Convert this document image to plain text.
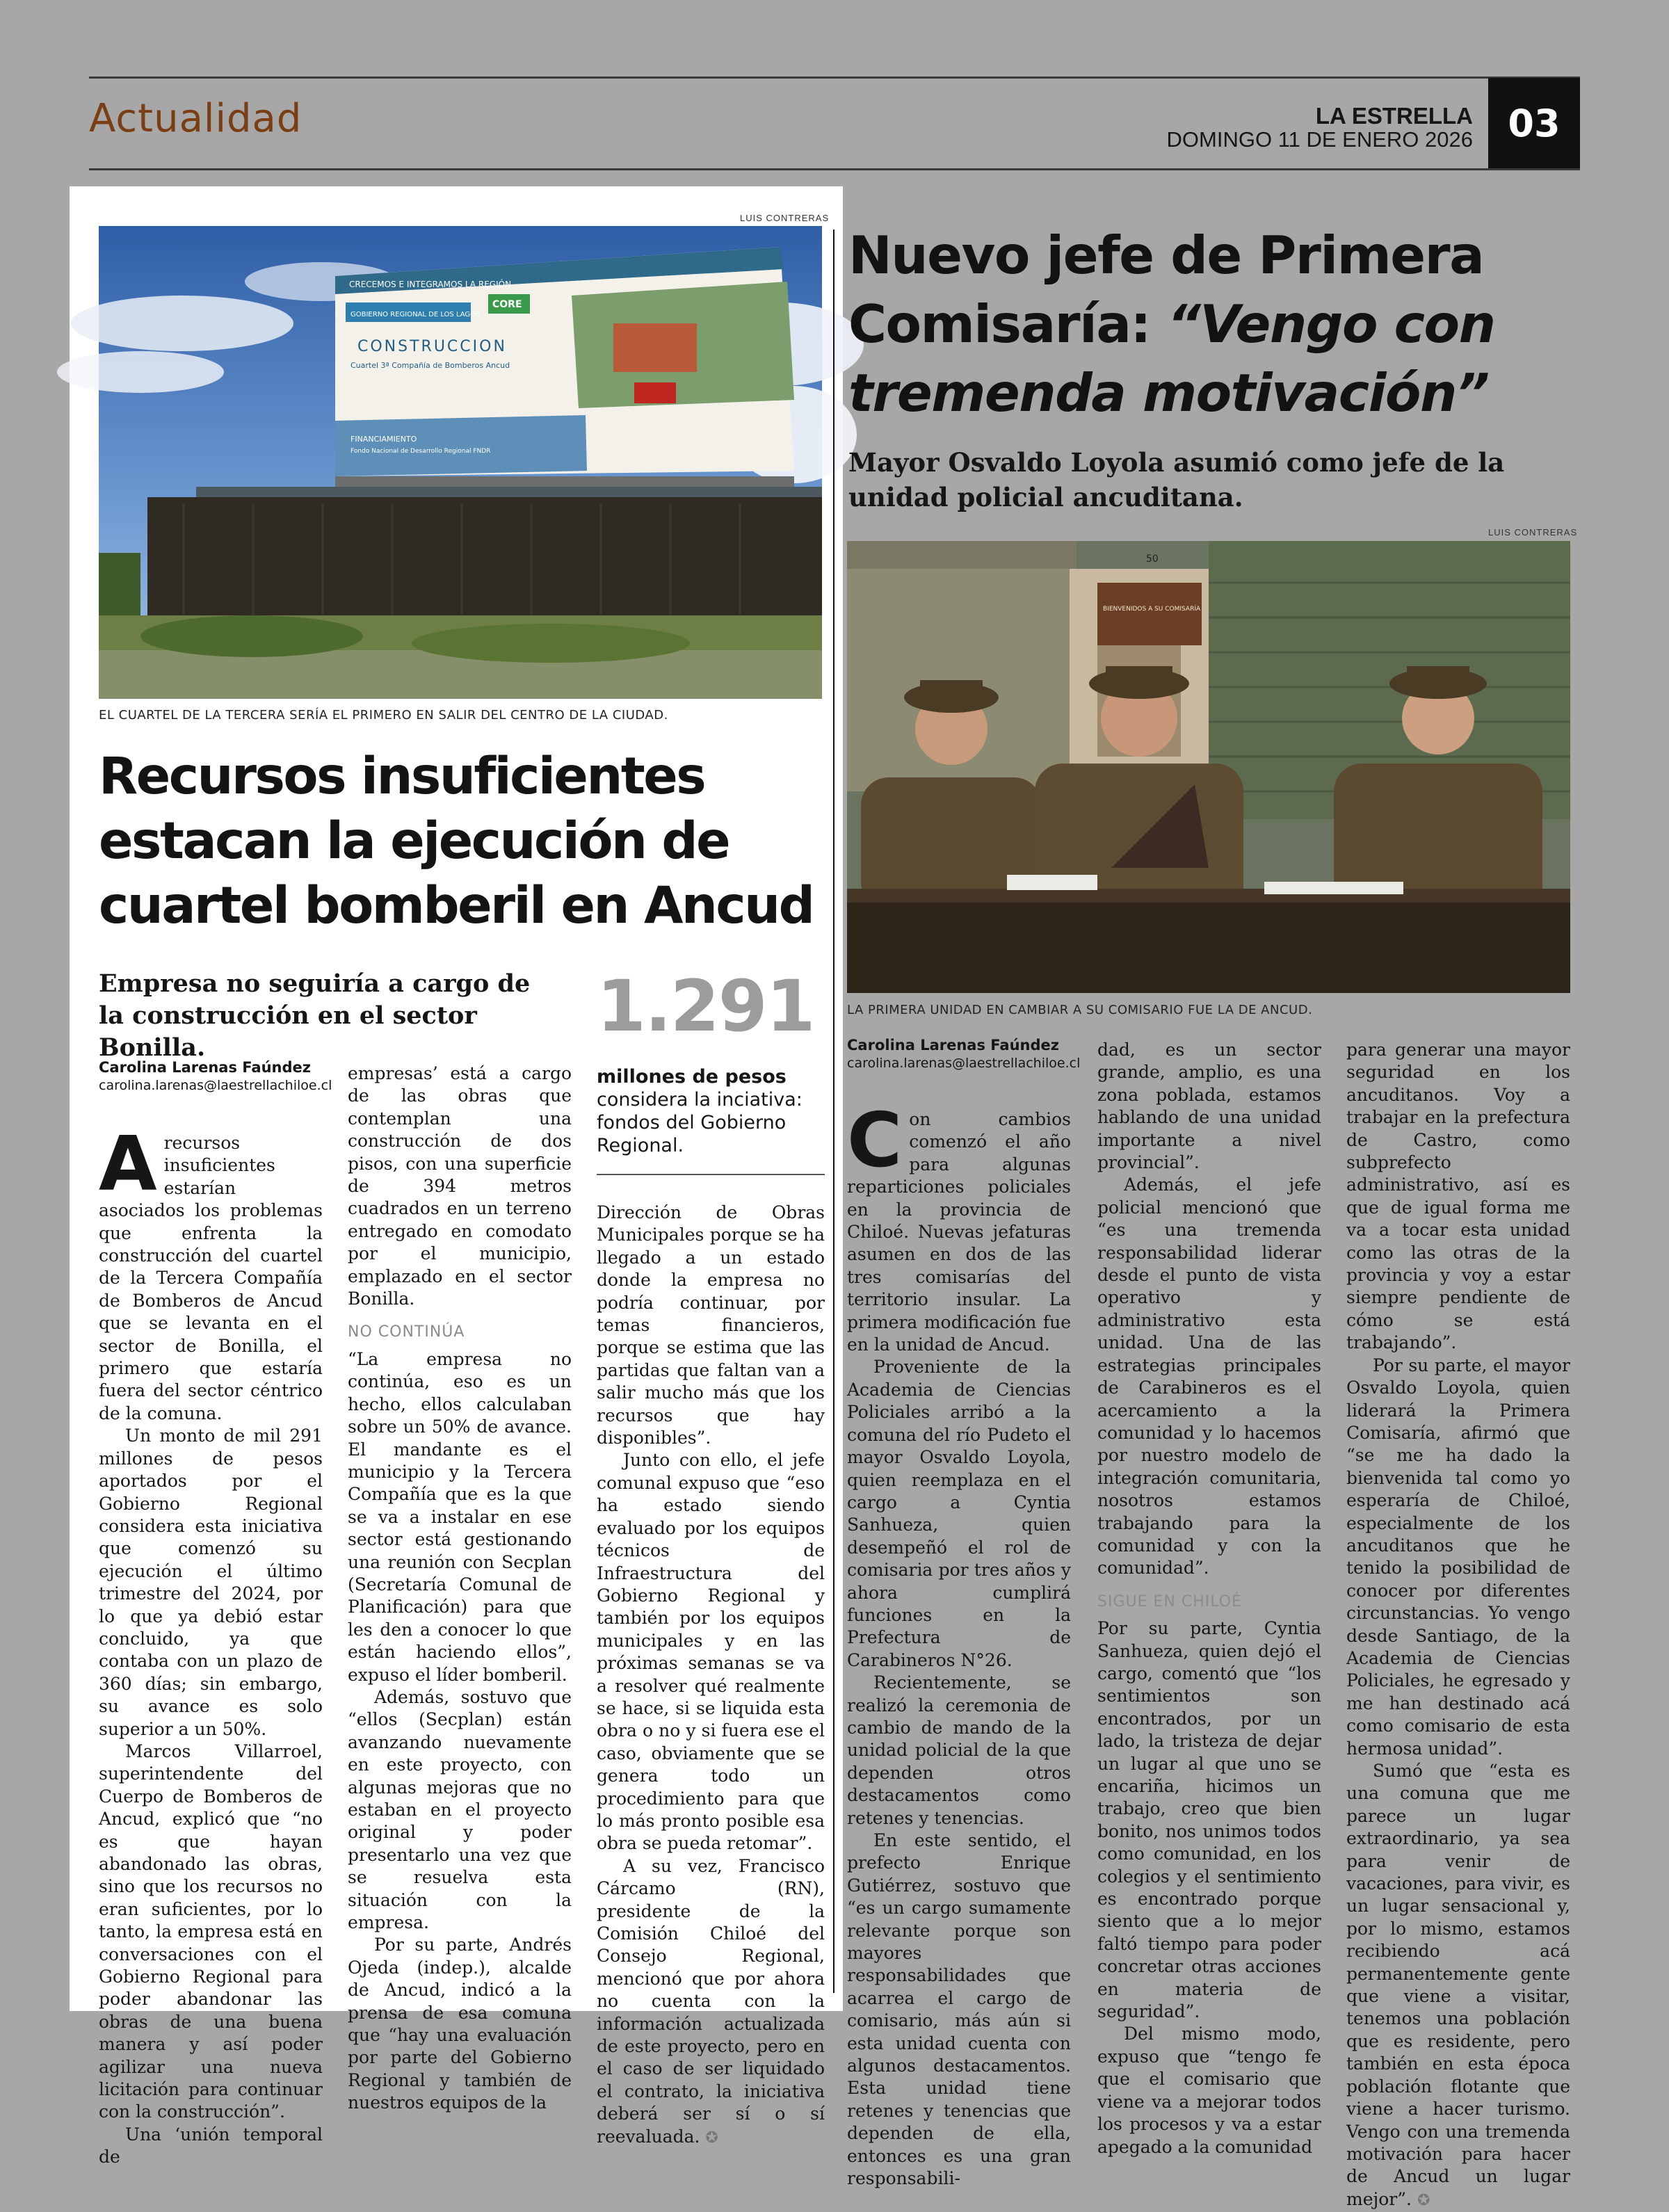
Actualidad	LA ESTRELLA
DOMINGO 11 DE ENERO 2026 03
LUIS CONTRERAS
CRECEMOS E INTEGRAMOS LA REGIÓN
GOBIERNO REGIONAL DE LOS LAGOS
CORE
CONSTRUCCION
Cuartel 3ª Compañía de Bomberos Ancud
FINANCIAMIENTO
Fondo Nacional de Desarrollo Regional FNDR
EL CUARTEL DE LA TERCERA SERÍA EL PRIMERO EN SALIR DEL CENTRO DE LA CIUDAD.
Recursos insuficientes estacan la ejecución de cuartel bomberil en Ancud
Empresa no seguiría a cargo de la construcción en el sector Bonilla.	1.291
Carolina Larenas Faúndez
carolina.larenas@laestrellachiloe.cl

Arecursos insuficientes estarían asociados los problemas que enfrenta la construcción del cuartel de la Tercera Compañía de Bomberos de Ancud que se levanta en el sector de Bonilla, el primero que estaría fuera del sector céntrico de la comuna.

Un monto de mil 291 millones de pesos aportados por el Gobierno Regional considera esta iniciativa que comenzó su ejecución el último trimestre del 2024, por lo que ya debió estar concluido, ya que contaba con un plazo de 360 días; sin embargo, su avance es solo superior a un 50%.

Marcos Villarroel, superintendente del Cuerpo de Bomberos de Ancud, explicó que “no es que hayan abandonado las obras, sino que los recursos no eran suficientes, por lo tanto, la empresa está en conversaciones con el Gobierno Regional para poder abandonar las obras de una buena manera y así poder agilizar una nueva licitación para continuar con la construcción”.

Una ‘unión temporal de

empresas’ está a cargo de las obras que contemplan una construcción de dos pisos, con una superficie de 394 metros cuadrados en un terreno entregado en comodato por el municipio, emplazado en el sector Bonilla.

NO CONTINÚA

“La empresa no continúa, eso es un hecho, ellos calculaban sobre un 50% de avance. El mandante es el municipio y la Tercera Compañía que es la que se va a instalar en ese sector está gestionando una reunión con Secplan (Secretaría Comunal de Planificación) para que les den a conocer lo que están haciendo ellos”, expuso el líder bomberil.

Además, sostuvo que “ellos (Secplan) están avanzando nuevamente en este proyecto, con algunas mejoras que no estaban en el proyecto original y poder presentarlo una vez que se resuelva esta situación con la empresa.

Por su parte, Andrés Ojeda (indep.), alcalde de Ancud, indicó a la prensa de esa comuna que “hay una evaluación por parte del Gobierno Regional y también de nuestros equipos de la

millones de pesos
considera la inciativa: fondos del Gobierno Regional.

Dirección de Obras Municipales porque se ha llegado a un estado donde la empresa no podría continuar, por temas financieros, porque se estima que las partidas que faltan van a salir mucho más que los recursos que hay disponibles”.

Junto con ello, el jefe comunal expuso que “eso ha estado siendo evaluado por los equipos técnicos de Infraestructura del Gobierno Regional y también por los equipos municipales y en las próximas semanas se va a resolver qué realmente se hace, si se liquida esta obra o no y si fuera ese el caso, obviamente que se genera todo un procedimiento para que lo más pronto posible esa obra se pueda retomar”.

A su vez, Francisco Cárcamo (RN), presidente de la Comisión Chiloé del Consejo Regional, mencionó que por ahora no cuenta con la información actualizada de este proyecto, pero en el caso de ser liquidado el contrato, la iniciativa deberá ser sí o sí reevaluada. ✪

Nuevo jefe de Primera Comisaría: “Vengo con tremenda motivación”
Mayor Osvaldo Loyola asumió como jefe de la unidad policial ancuditana.
LUIS CONTRERAS
50
BIENVENIDOS A SU COMISARÍA
LA PRIMERA UNIDAD EN CAMBIAR A SU COMISARIO FUE LA DE ANCUD.
Carolina Larenas Faúndez
carolina.larenas@laestrellachiloe.cl

Con cambios comenzó el año para algunas reparticiones policiales en la provincia de Chiloé. Nuevas jefaturas asumen en dos de las tres comisarías del territorio insular. La primera modificación fue en la unidad de Ancud.

Proveniente de la Academia de Ciencias Policiales arribó a la comuna del río Pudeto el mayor Osvaldo Loyola, quien reemplaza en el cargo a Cyntia Sanhueza, quien desempeñó el rol de comisaria por tres años y ahora cumplirá funciones en la Prefectura de Carabineros N°26.

Recientemente, se realizó la ceremonia de cambio de mando de la unidad policial de la que dependen otros destacamentos como retenes y tenencias.

En este sentido, el prefecto Enrique Gutiérrez, sostuvo que “es un cargo sumamente relevante porque son mayores responsabilidades que acarrea el cargo de comisario, más aún si esta unidad cuenta con algunos destacamentos. Esta unidad tiene retenes y tenencias que dependen de ella, entonces es una gran responsabili-

dad, es un sector grande, amplio, es una zona poblada, estamos hablando de una unidad importante a nivel provincial”.

Además, el jefe policial mencionó que “es una tremenda responsabilidad liderar desde el punto de vista operativo y administrativo esta unidad. Una de las estrategias principales de Carabineros es el acercamiento a la comunidad y lo hacemos por nuestro modelo de integración comunitaria, nosotros estamos trabajando para la comunidad y con la comunidad”.

SIGUE EN CHILOÉ

Por su parte, Cyntia Sanhueza, quien dejó el cargo, comentó que “los sentimientos son encontrados, por un lado, la tristeza de dejar un lugar al que uno se encariña, hicimos un trabajo, creo que bien bonito, nos unimos todos como comunidad, en los colegios y el sentimiento es encontrado porque siento que a lo mejor faltó tiempo para poder concretar otras acciones en materia de seguridad”.

Del mismo modo, expuso que “tengo fe que el comisario que viene va a mejorar todos los procesos y va a estar apegado a la comunidad

para generar una mayor seguridad en los ancuditanos. Voy a trabajar en la prefectura de Castro, como subprefecto administrativo, así es que de igual forma me va a tocar esta unidad como las otras de la provincia y voy a estar siempre pendiente de cómo se está trabajando”.

Por su parte, el mayor Osvaldo Loyola, quien liderará la Primera Comisaría, afirmó que “se me ha dado la bienvenida tal como yo esperaría de Chiloé, especialmente de los ancuditanos que he tenido la posibilidad de conocer por diferentes circunstancias. Yo vengo desde Santiago, de la Academia de Ciencias Policiales, he egresado y me han destinado acá como comisario de esta hermosa unidad”.

Sumó que “esta es una comuna que me parece un lugar extraordinario, ya sea para venir de vacaciones, para vivir, es un lugar sensacional y, por lo mismo, estamos recibiendo acá permanentemente gente que viene a visitar, tenemos una población que es residente, pero también en esta época población flotante que viene a hacer turismo. Vengo con una tremenda motivación para hacer de Ancud un lugar mejor”. ✪
